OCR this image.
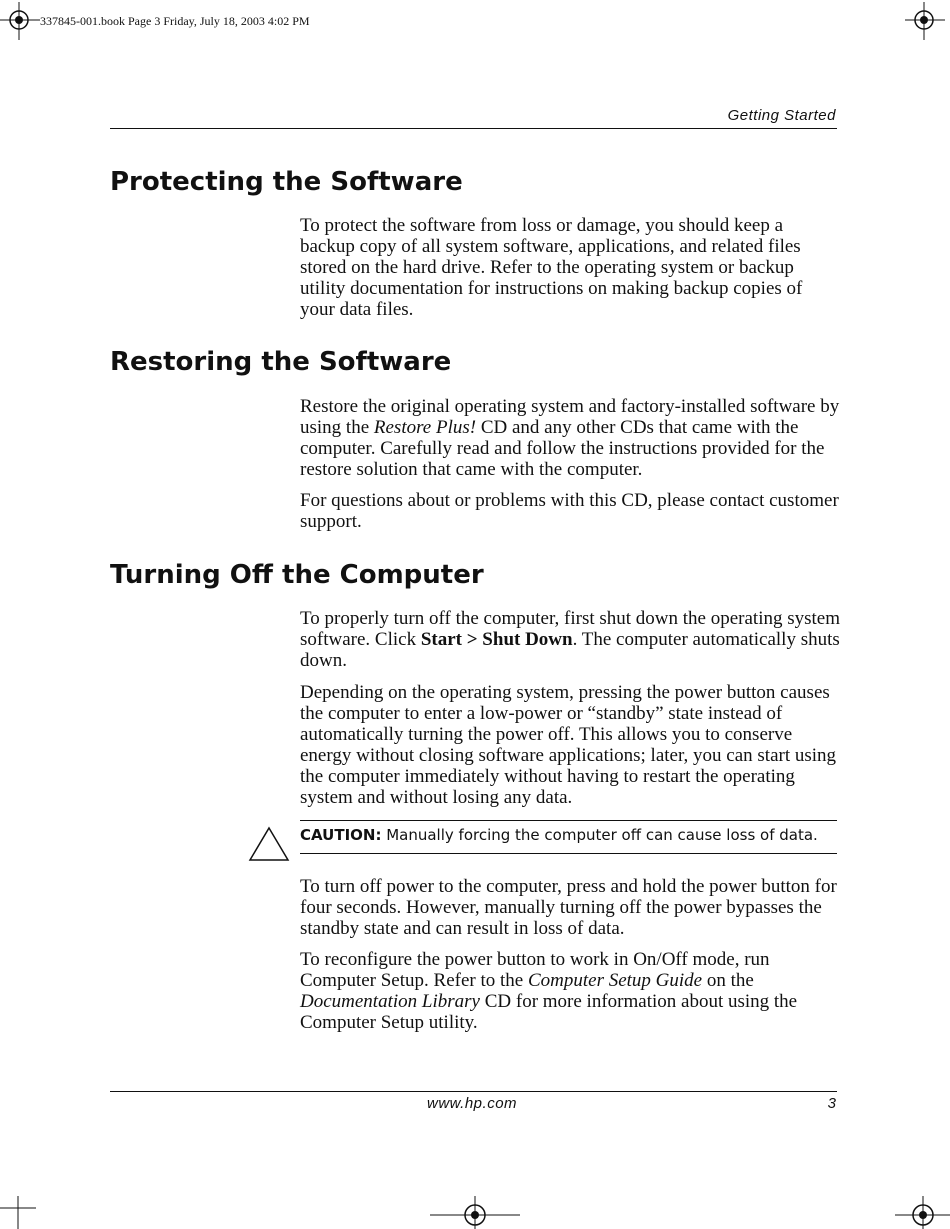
337845-001.book Page 3 Friday, July 18, 2003 4:02 PM
Getting Started
Protecting the Software

To protect the software from loss or damage, you should keep a backup copy of all system software, applications, and related files stored on the hard drive. Refer to the operating system or backup utility documentation for instructions on making backup copies of your data files.

Restoring the Software

Restore the original operating system and factory-installed software by using the Restore Plus! CD and any other CDs that came with the computer. Carefully read and follow the instructions provided for the restore solution that came with the computer.

For questions about or problems with this CD, please contact customer support.

Turning Off the Computer

To properly turn off the computer, first shut down the operating system software. Click Start > Shut Down. The computer automatically shuts down.

Depending on the operating system, pressing the power button causes the computer to enter a low-power or “standby” state instead of automatically turning the power off. This allows you to conserve energy without closing software applications; later, you can start using the computer immediately without having to restart the operating system and without losing any data.

CAUTION: Manually forcing the computer off can cause loss of data.

To turn off power to the computer, press and hold the power button for four seconds. However, manually turning off the power bypasses the standby state and can result in loss of data.

To reconfigure the power button to work in On/Off mode, run Computer Setup. Refer to the Computer Setup Guide on the Documentation Library CD for more information about using the Computer Setup utility.

www.hp.com	3
